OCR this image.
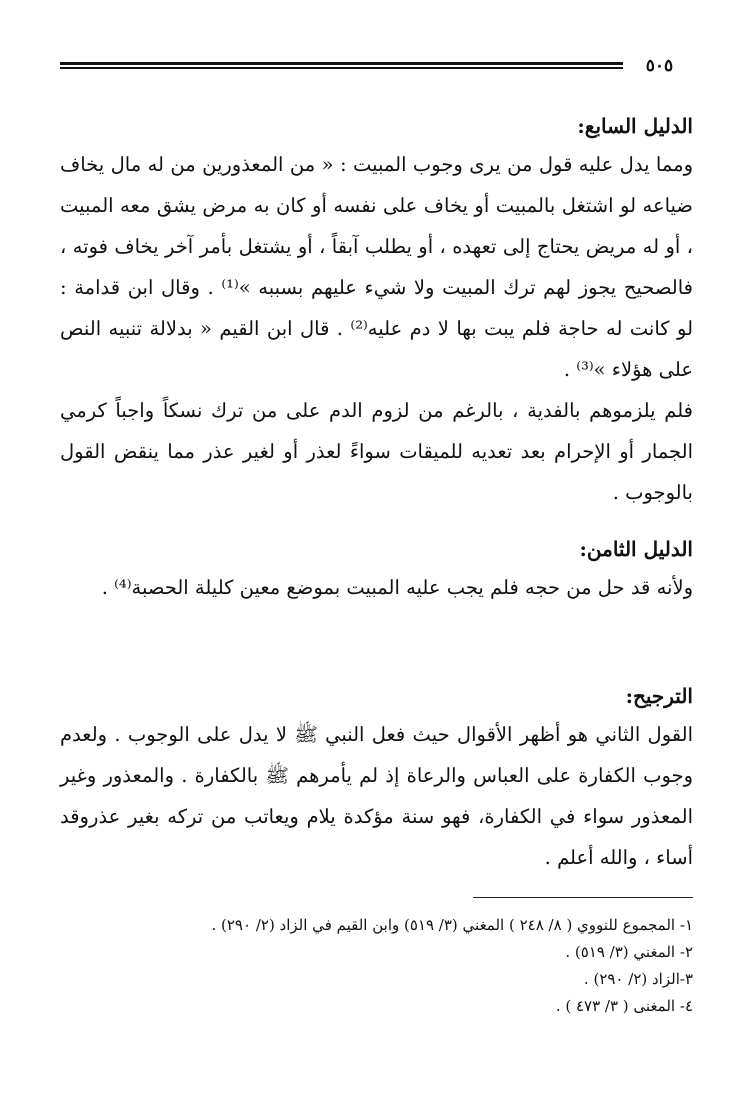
٥٠٥
الدليل السابع:

ومما يدل عليه قول من يرى وجوب المبيت : « من المعذورين من له مال يخاف ضياعه لو اشتغل بالمبيت أو يخاف على نفسه أو كان به مرض يشق معه المبيت ، أو له مريض يحتاج إلى تعهده ، أو يطلب آبقاً ، أو يشتغل بأمر آخر يخاف فوته ، فالصحيح يجوز لهم ترك المبيت ولا شيء عليهم بسببه »⁽¹⁾ . وقال ابن قدامة : لو كانت له حاجة فلم يبت بها لا دم عليه⁽²⁾ . قال ابن القيم « بدلالة تنبيه النص على هؤلاء »⁽³⁾ .

فلم يلزموهم بالفدية ، بالرغم من لزوم الدم على من ترك نسكاً واجباً كرمي الجمار أو الإحرام بعد تعديه للميقات سواءً لعذر أو لغير عذر مما ينقض القول بالوجوب .

الدليل الثامن:

ولأنه قد حل من حجه فلم يجب عليه المبيت بموضع معين كليلة الحصبة⁽⁴⁾ .

الترجيح:

القول الثاني هو أظهر الأقوال حيث فعل النبي ﷺ لا يدل على الوجوب . ولعدم وجوب الكفارة على العباس والرعاة إذ لم يأمرهم ﷺ بالكفارة . والمعذور وغير المعذور سواء في الكفارة، فهو سنة مؤكدة يلام ويعاتب من تركه بغير عذروقد أساء ، والله أعلم .

١- المجموع للنووي ( ٨/ ٢٤٨ ) المغني (٣/ ٥١٩) وابن القيم في الزاد (٢/ ٢٩٠) .

٢- المغني (٣/ ٥١٩) .

٣-الزاد (٢/ ٢٩٠) .

٤- المغنى ( ٣/ ٤٧٣ ) .
